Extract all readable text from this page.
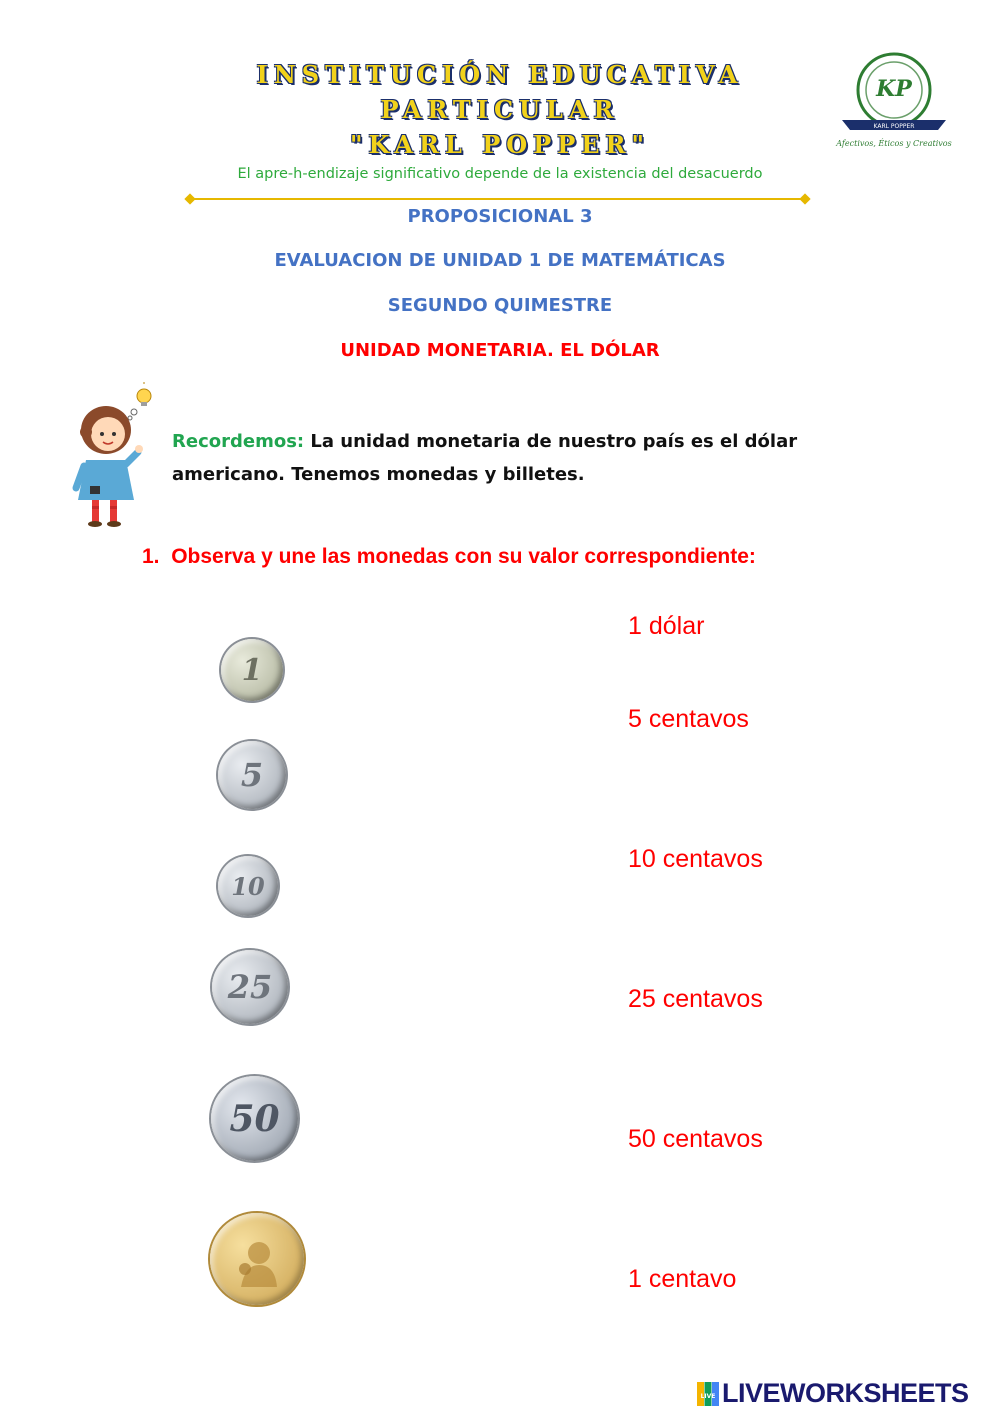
INSTITUCIÓN EDUCATIVA
PARTICULAR
"KARL POPPER"
KP
KARL POPPER
Afectivos, Éticos y Creativos
El apre-h-endizaje significativo depende de la existencia del desacuerdo
PROPOSICIONAL 3
EVALUACION DE UNIDAD 1 DE MATEMÁTICAS
SEGUNDO QUIMESTRE
UNIDAD MONETARIA. EL DÓLAR
Recordemos: La unidad monetaria de nuestro país es el dólar
americano. Tenemos monedas y billetes.
1. Observa y une las monedas con su valor correspondiente:
1
5
10
25
50
1 dólar
5 centavos
10 centavos
25 centavos
50 centavos
1 centavo
LIVE LIVEWORKSHEETS
